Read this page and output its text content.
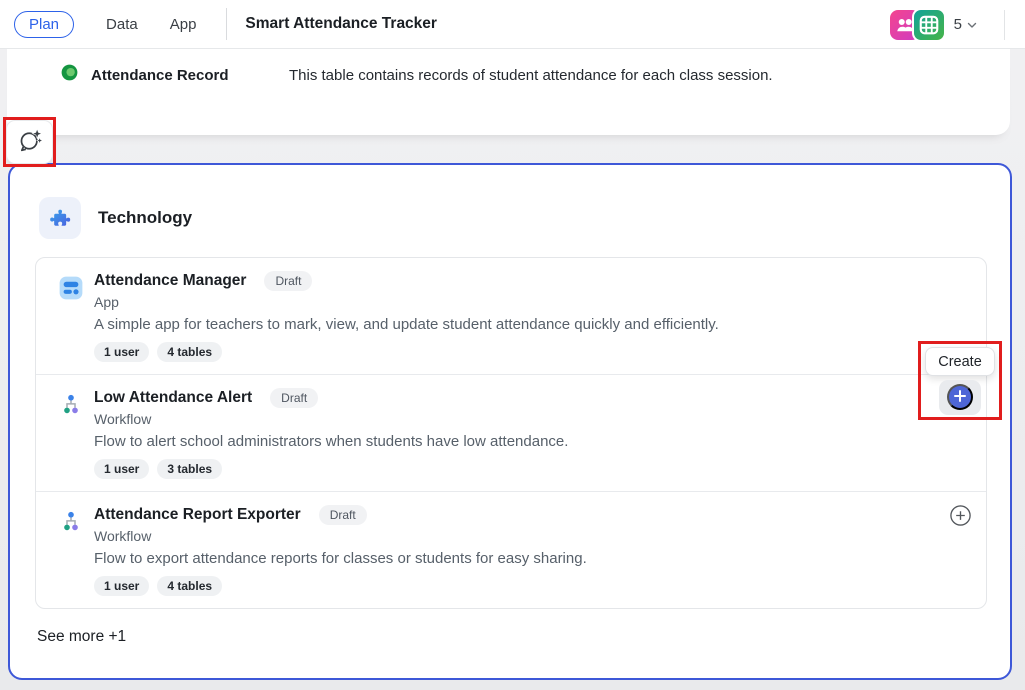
Plan	Data App	Smart Attendance Tracker	5
Attendance Record	This table contains records of student attendance for each class session.
Technology
Attendance Manager	Draft
App
A simple app for teachers to mark, view, and update student attendance quickly and efficiently.
1 user	4 tables
Low Attendance Alert	Draft
Workflow
Flow to alert school administrators when students have low attendance.
1 user	3 tables
Attendance Report Exporter	Draft
Workflow
Flow to export attendance reports for classes or students for easy sharing.
1 user	4 tables
See more +1
Create
